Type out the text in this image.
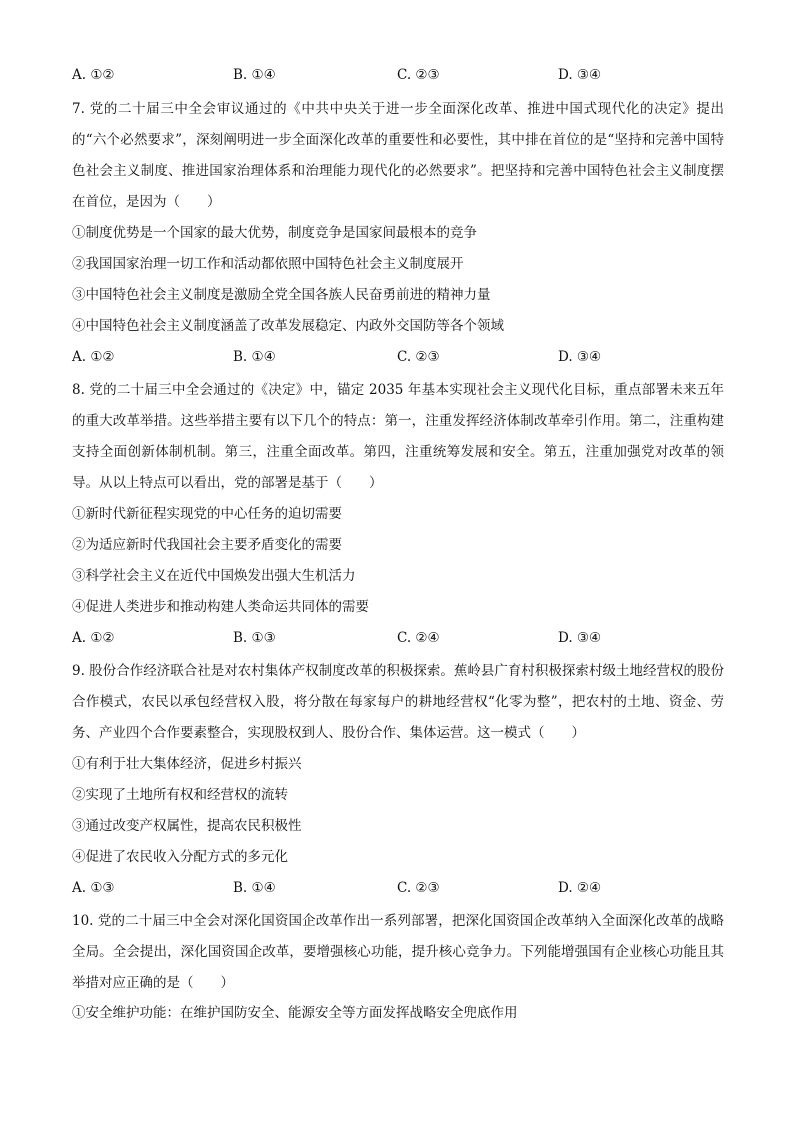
A. ①②	B. ①④	C. ②③	D. ③④

7. 党的二十届三中全会审议通过的《中共中央关于进一步全面深化改革、推进中国式现代化的决定》提出的“六个必然要求”，深刻阐明进一步全面深化改革的重要性和必要性，其中排在首位的是“坚持和完善中国特色社会主义制度、推进国家治理体系和治理能力现代化的必然要求”。把坚持和完善中国特色社会主义制度摆在首位，是因为（　　）

①制度优势是一个国家的最大优势，制度竞争是国家间最根本的竞争

②我国国家治理一切工作和活动都依照中国特色社会主义制度展开

③中国特色社会主义制度是激励全党全国各族人民奋勇前进的精神力量

④中国特色社会主义制度涵盖了改革发展稳定、内政外交国防等各个领域

A. ①②	B. ①④	C. ②③	D. ③④

8. 党的二十届三中全会通过的《决定》中，锚定 2035 年基本实现社会主义现代化目标，重点部署未来五年的重大改革举措。这些举措主要有以下几个的特点：第一，注重发挥经济体制改革牵引作用。第二，注重构建支持全面创新体制机制。第三，注重全面改革。第四，注重统筹发展和安全。第五，注重加强党对改革的领导。从以上特点可以看出，党的部署是基于（　　）

①新时代新征程实现党的中心任务的迫切需要

②为适应新时代我国社会主要矛盾变化的需要

③科学社会主义在近代中国焕发出强大生机活力

④促进人类进步和推动构建人类命运共同体的需要

A. ①②	B. ①③	C. ②④	D. ③④

9. 股份合作经济联合社是对农村集体产权制度改革的积极探索。蕉岭县广育村积极探索村级土地经营权的股份合作模式，农民以承包经营权入股，将分散在每家每户的耕地经营权“化零为整”，把农村的土地、资金、劳务、产业四个合作要素整合，实现股权到人、股份合作、集体运营。这一模式（　　）

①有利于壮大集体经济，促进乡村振兴

②实现了土地所有权和经营权的流转

③通过改变产权属性，提高农民积极性

④促进了农民收入分配方式的多元化

A. ①③	B. ①④	C. ②③	D. ②④

10. 党的二十届三中全会对深化国资国企改革作出一系列部署，把深化国资国企改革纳入全面深化改革的战略全局。全会提出，深化国资国企改革，要增强核心功能，提升核心竞争力。下列能增强国有企业核心功能且其举措对应正确的是（　　）

①安全维护功能：在维护国防安全、能源安全等方面发挥战略安全兜底作用
